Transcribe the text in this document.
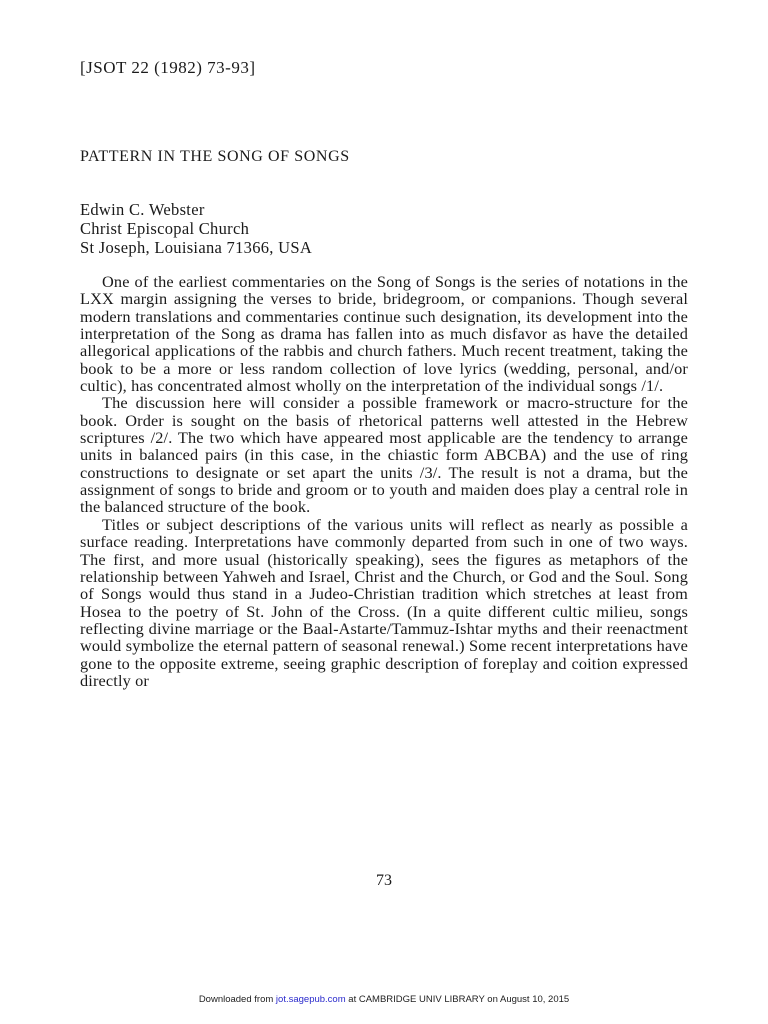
[JSOT 22 (1982) 73-93]
PATTERN IN THE SONG OF SONGS
Edwin C. Webster
Christ Episcopal Church
St Joseph, Louisiana 71366, USA

One of the earliest commentaries on the Song of Songs is the series of notations in the LXX margin assigning the verses to bride, bridegroom, or companions. Though several modern translations and commentaries continue such designation, its development into the interpretation of the Song as drama has fallen into as much disfavor as have the detailed allegorical applications of the rabbis and church fathers. Much recent treatment, taking the book to be a more or less random collection of love lyrics (wedding, personal, and/or cultic), has concentrated almost wholly on the interpretation of the individual songs /1/.

The discussion here will consider a possible framework or macro-structure for the book. Order is sought on the basis of rhetorical patterns well attested in the Hebrew scriptures /2/. The two which have appeared most applicable are the tendency to arrange units in balanced pairs (in this case, in the chiastic form ABCBA) and the use of ring constructions to designate or set apart the units /3/. The result is not a drama, but the assignment of songs to bride and groom or to youth and maiden does play a central role in the balanced structure of the book.

Titles or subject descriptions of the various units will reflect as nearly as possible a surface reading. Interpretations have commonly departed from such in one of two ways. The first, and more usual (historically speaking), sees the figures as metaphors of the relationship between Yahweh and Israel, Christ and the Church, or God and the Soul. Song of Songs would thus stand in a Judeo-Christian tradition which stretches at least from Hosea to the poetry of St. John of the Cross. (In a quite different cultic milieu, songs reflecting divine marriage or the Baal-Astarte/Tammuz-Ishtar myths and their reenactment would symbolize the eternal pattern of seasonal renewal.) Some recent interpretations have gone to the opposite extreme, seeing graphic description of foreplay and coition expressed directly or

73
Downloaded from jot.sagepub.com at CAMBRIDGE UNIV LIBRARY on August 10, 2015
